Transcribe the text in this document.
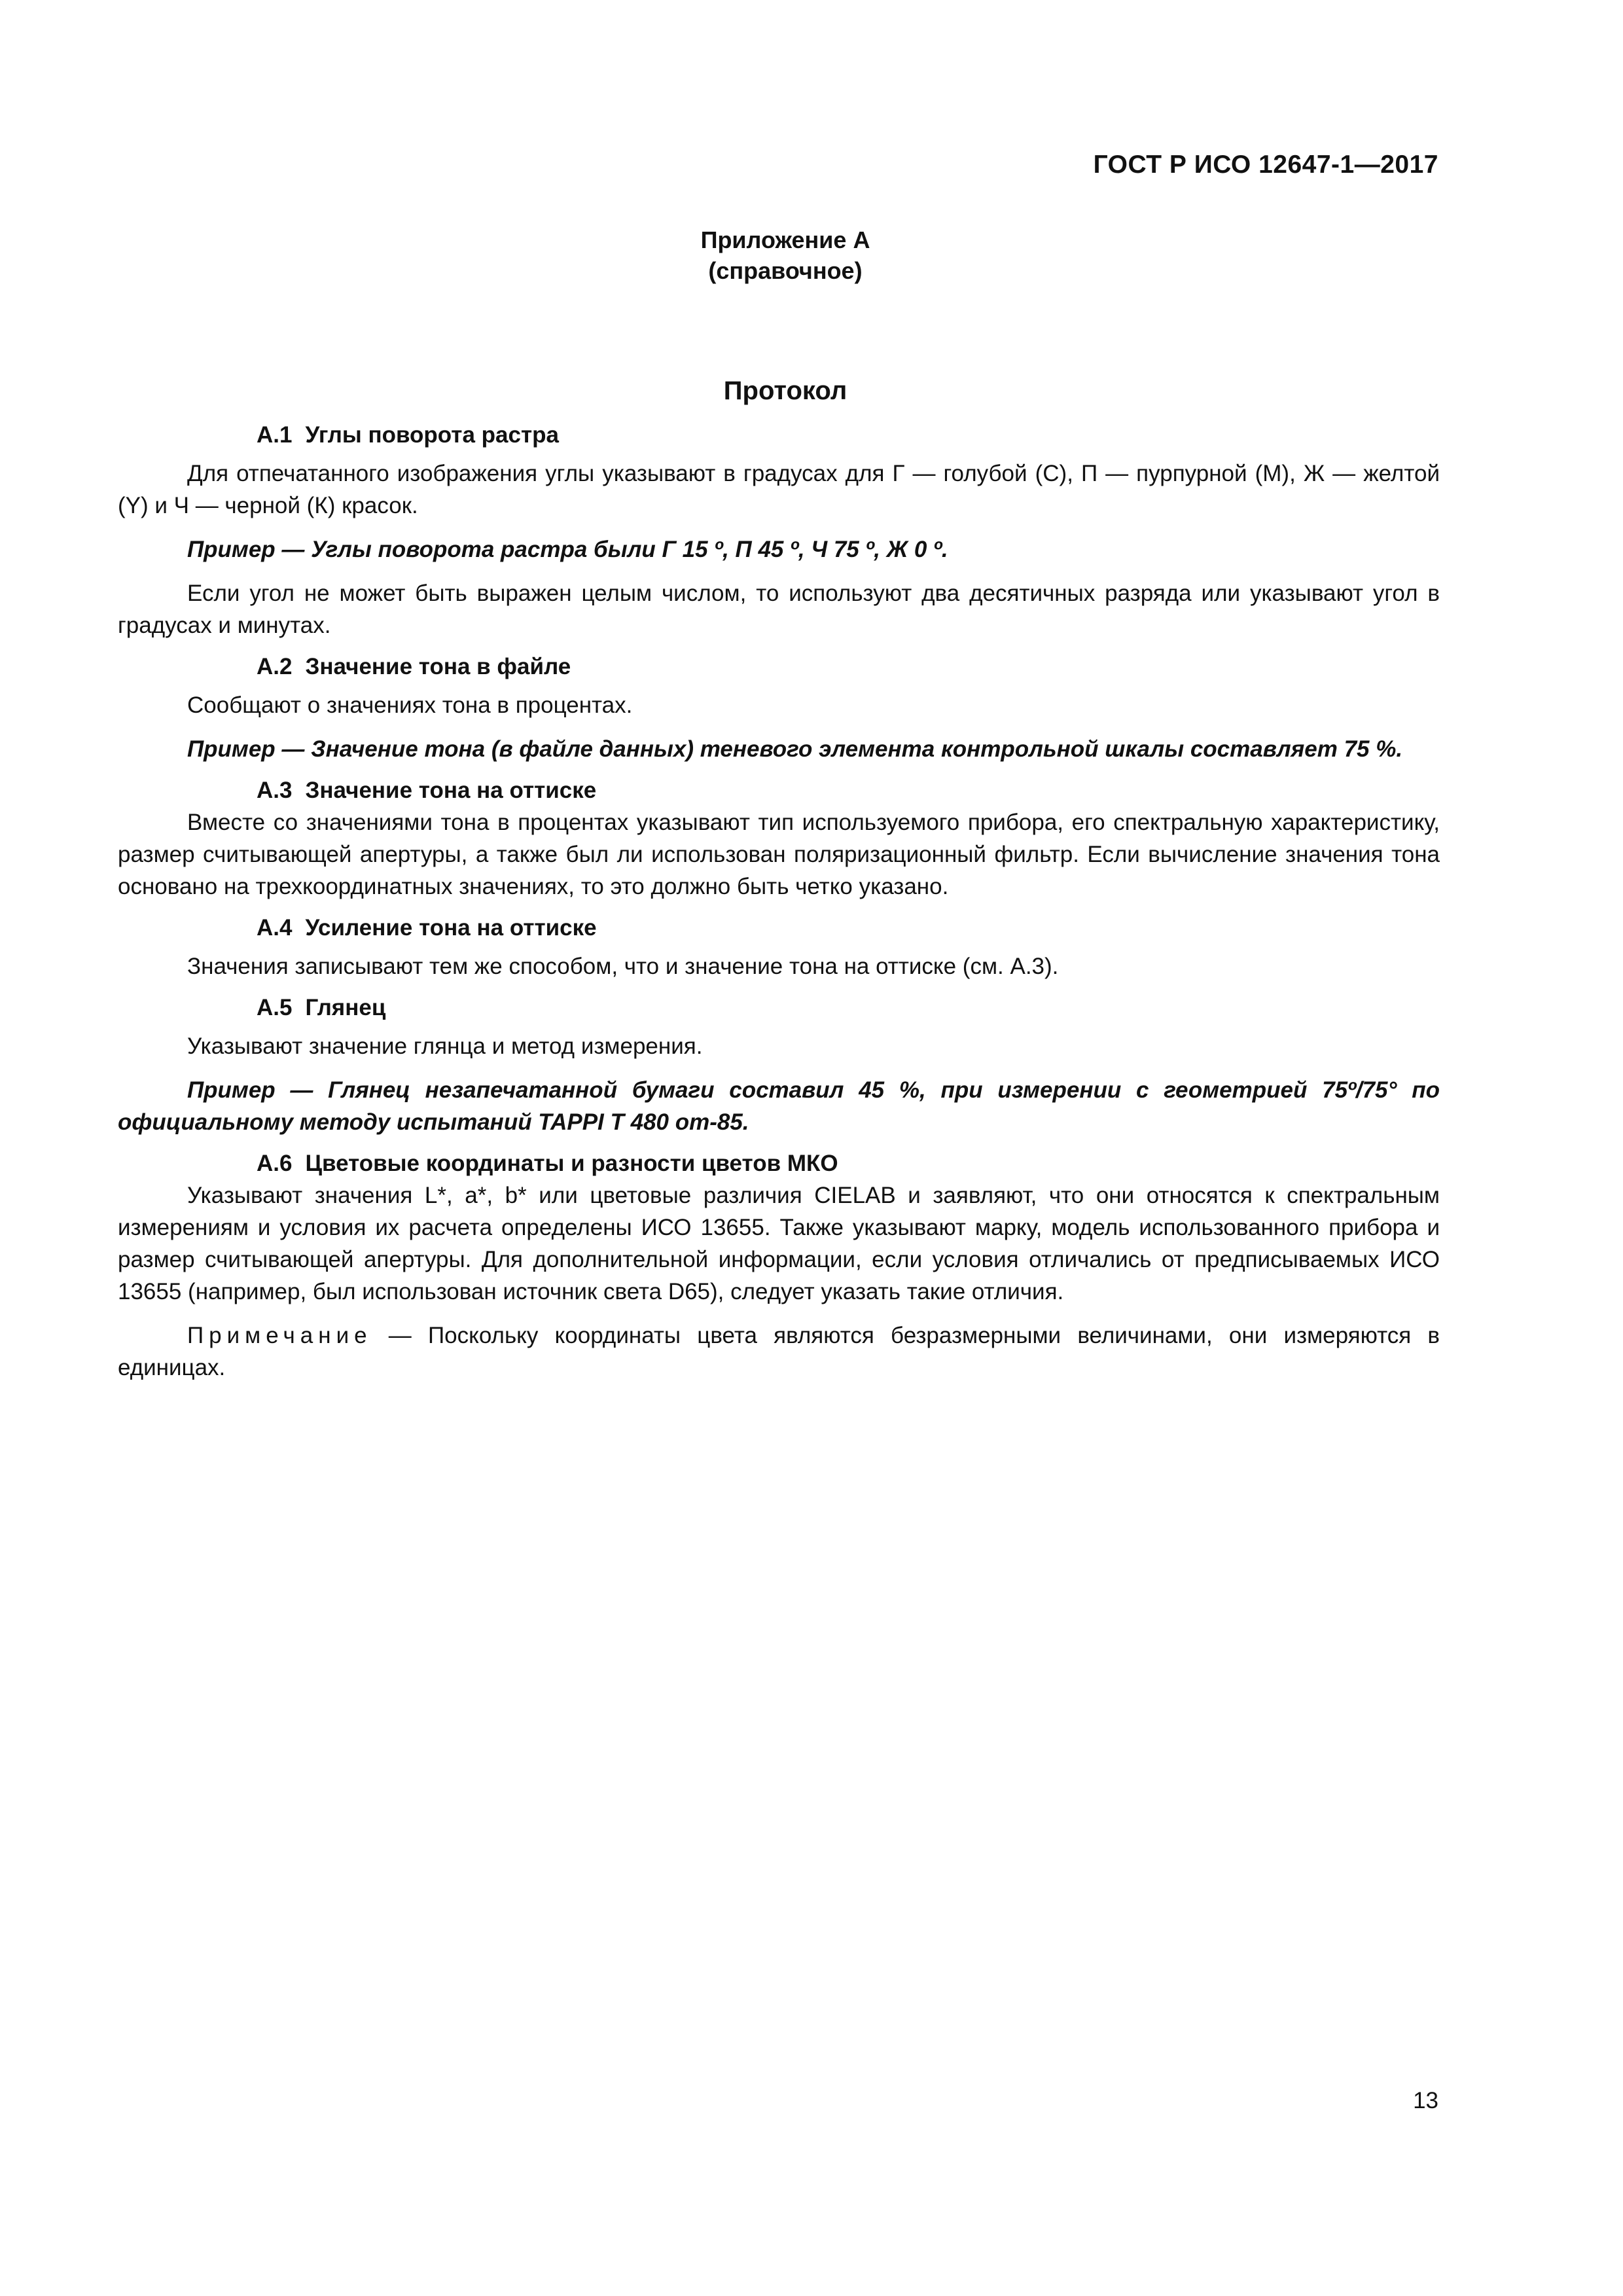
ГОСТ Р ИСО 12647-1—2017
Приложение А
(справочное)
Протокол

А.1 Углы поворота растра

Для отпечатанного изображения углы указывают в градусах для Г — голубой (С), П — пурпурной (М), Ж — желтой (Y) и Ч — черной (К) красок.

Пример — Углы поворота растра были Г 15 º, П 45 º, Ч 75 º, Ж 0 º.

Если угол не может быть выражен целым числом, то используют два десятичных разряда или указывают угол в градусах и минутах.

А.2 Значение тона в файле

Сообщают о значениях тона в процентах.

Пример — Значение тона (в файле данных) теневого элемента контрольной шкалы составляет 75 %.

А.3 Значение тона на оттиске

Вместе со значениями тона в процентах указывают тип используемого прибора, его спектральную характеристику, размер считывающей апертуры, а также был ли использован поляризационный фильтр. Если вычисление значения тона основано на трехкоординатных значениях, то это должно быть четко указано.

А.4 Усиление тона на оттиске

Значения записывают тем же способом, что и значение тона на оттиске (см. А.3).

А.5 Глянец

Указывают значение глянца и метод измерения.

Пример — Глянец незапечатанной бумаги составил 45 %, при измерении с геометрией 75º/75° по официальному методу испытаний TAPPI T 480 om-85.

А.6 Цветовые координаты и разности цветов МКО

Указывают значения L*, a*, b* или цветовые различия CIELAB и заявляют, что они относятся к спектральным измерениям и условия их расчета определены ИСО 13655. Также указывают марку, модель использованного прибора и размер считывающей апертуры. Для дополнительной информации, если условия отличались от предписываемых ИСО 13655 (например, был использован источник света D65), следует указать такие отличия.

Примечание — Поскольку координаты цвета являются безразмерными величинами, они измеряются в единицах.

13
